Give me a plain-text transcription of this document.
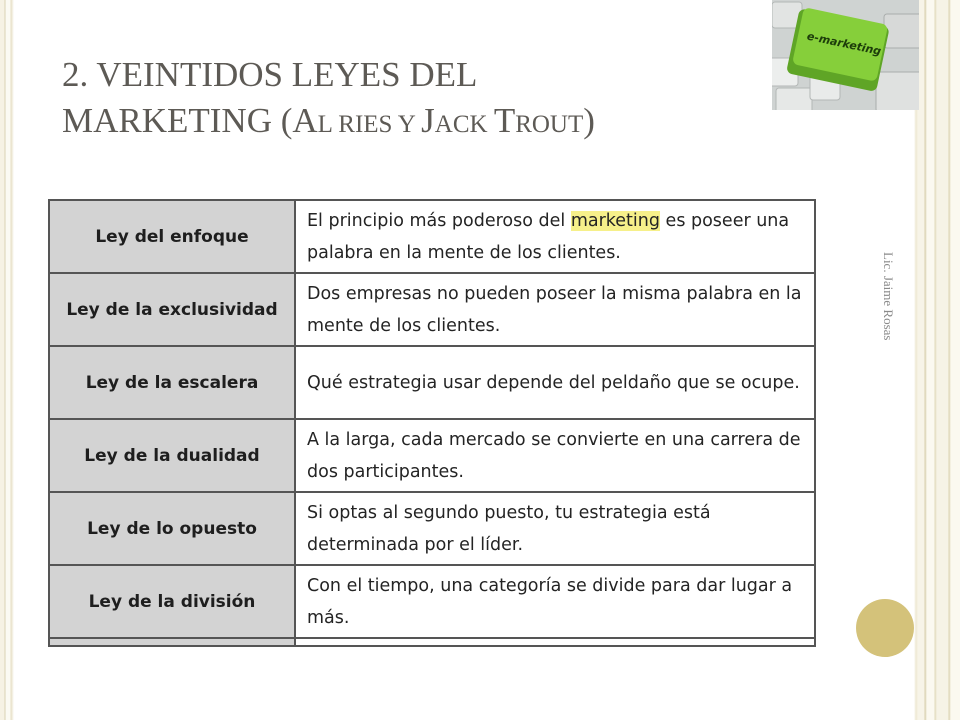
2. VEINTIDOS LEYES DEL
MARKETING (AL RIES Y JACK TROUT)
e-marketing
Ley del enfoque	El principio más poderoso del marketing es poseer una palabra en la mente de los clientes.
Ley de la exclusividad	Dos empresas no pueden poseer la misma palabra en la mente de los clientes.
Ley de la escalera	Qué estrategia usar depende del peldaño que se ocupe.
Ley de la dualidad	A la larga, cada mercado se convierte en una carrera de dos participantes.
Ley de lo opuesto	Si optas al segundo puesto, tu estrategia está determinada por el líder.
Ley de la división	Con el tiempo, una categoría se divide para dar lugar a más.

Lic. Jaime Rosas
